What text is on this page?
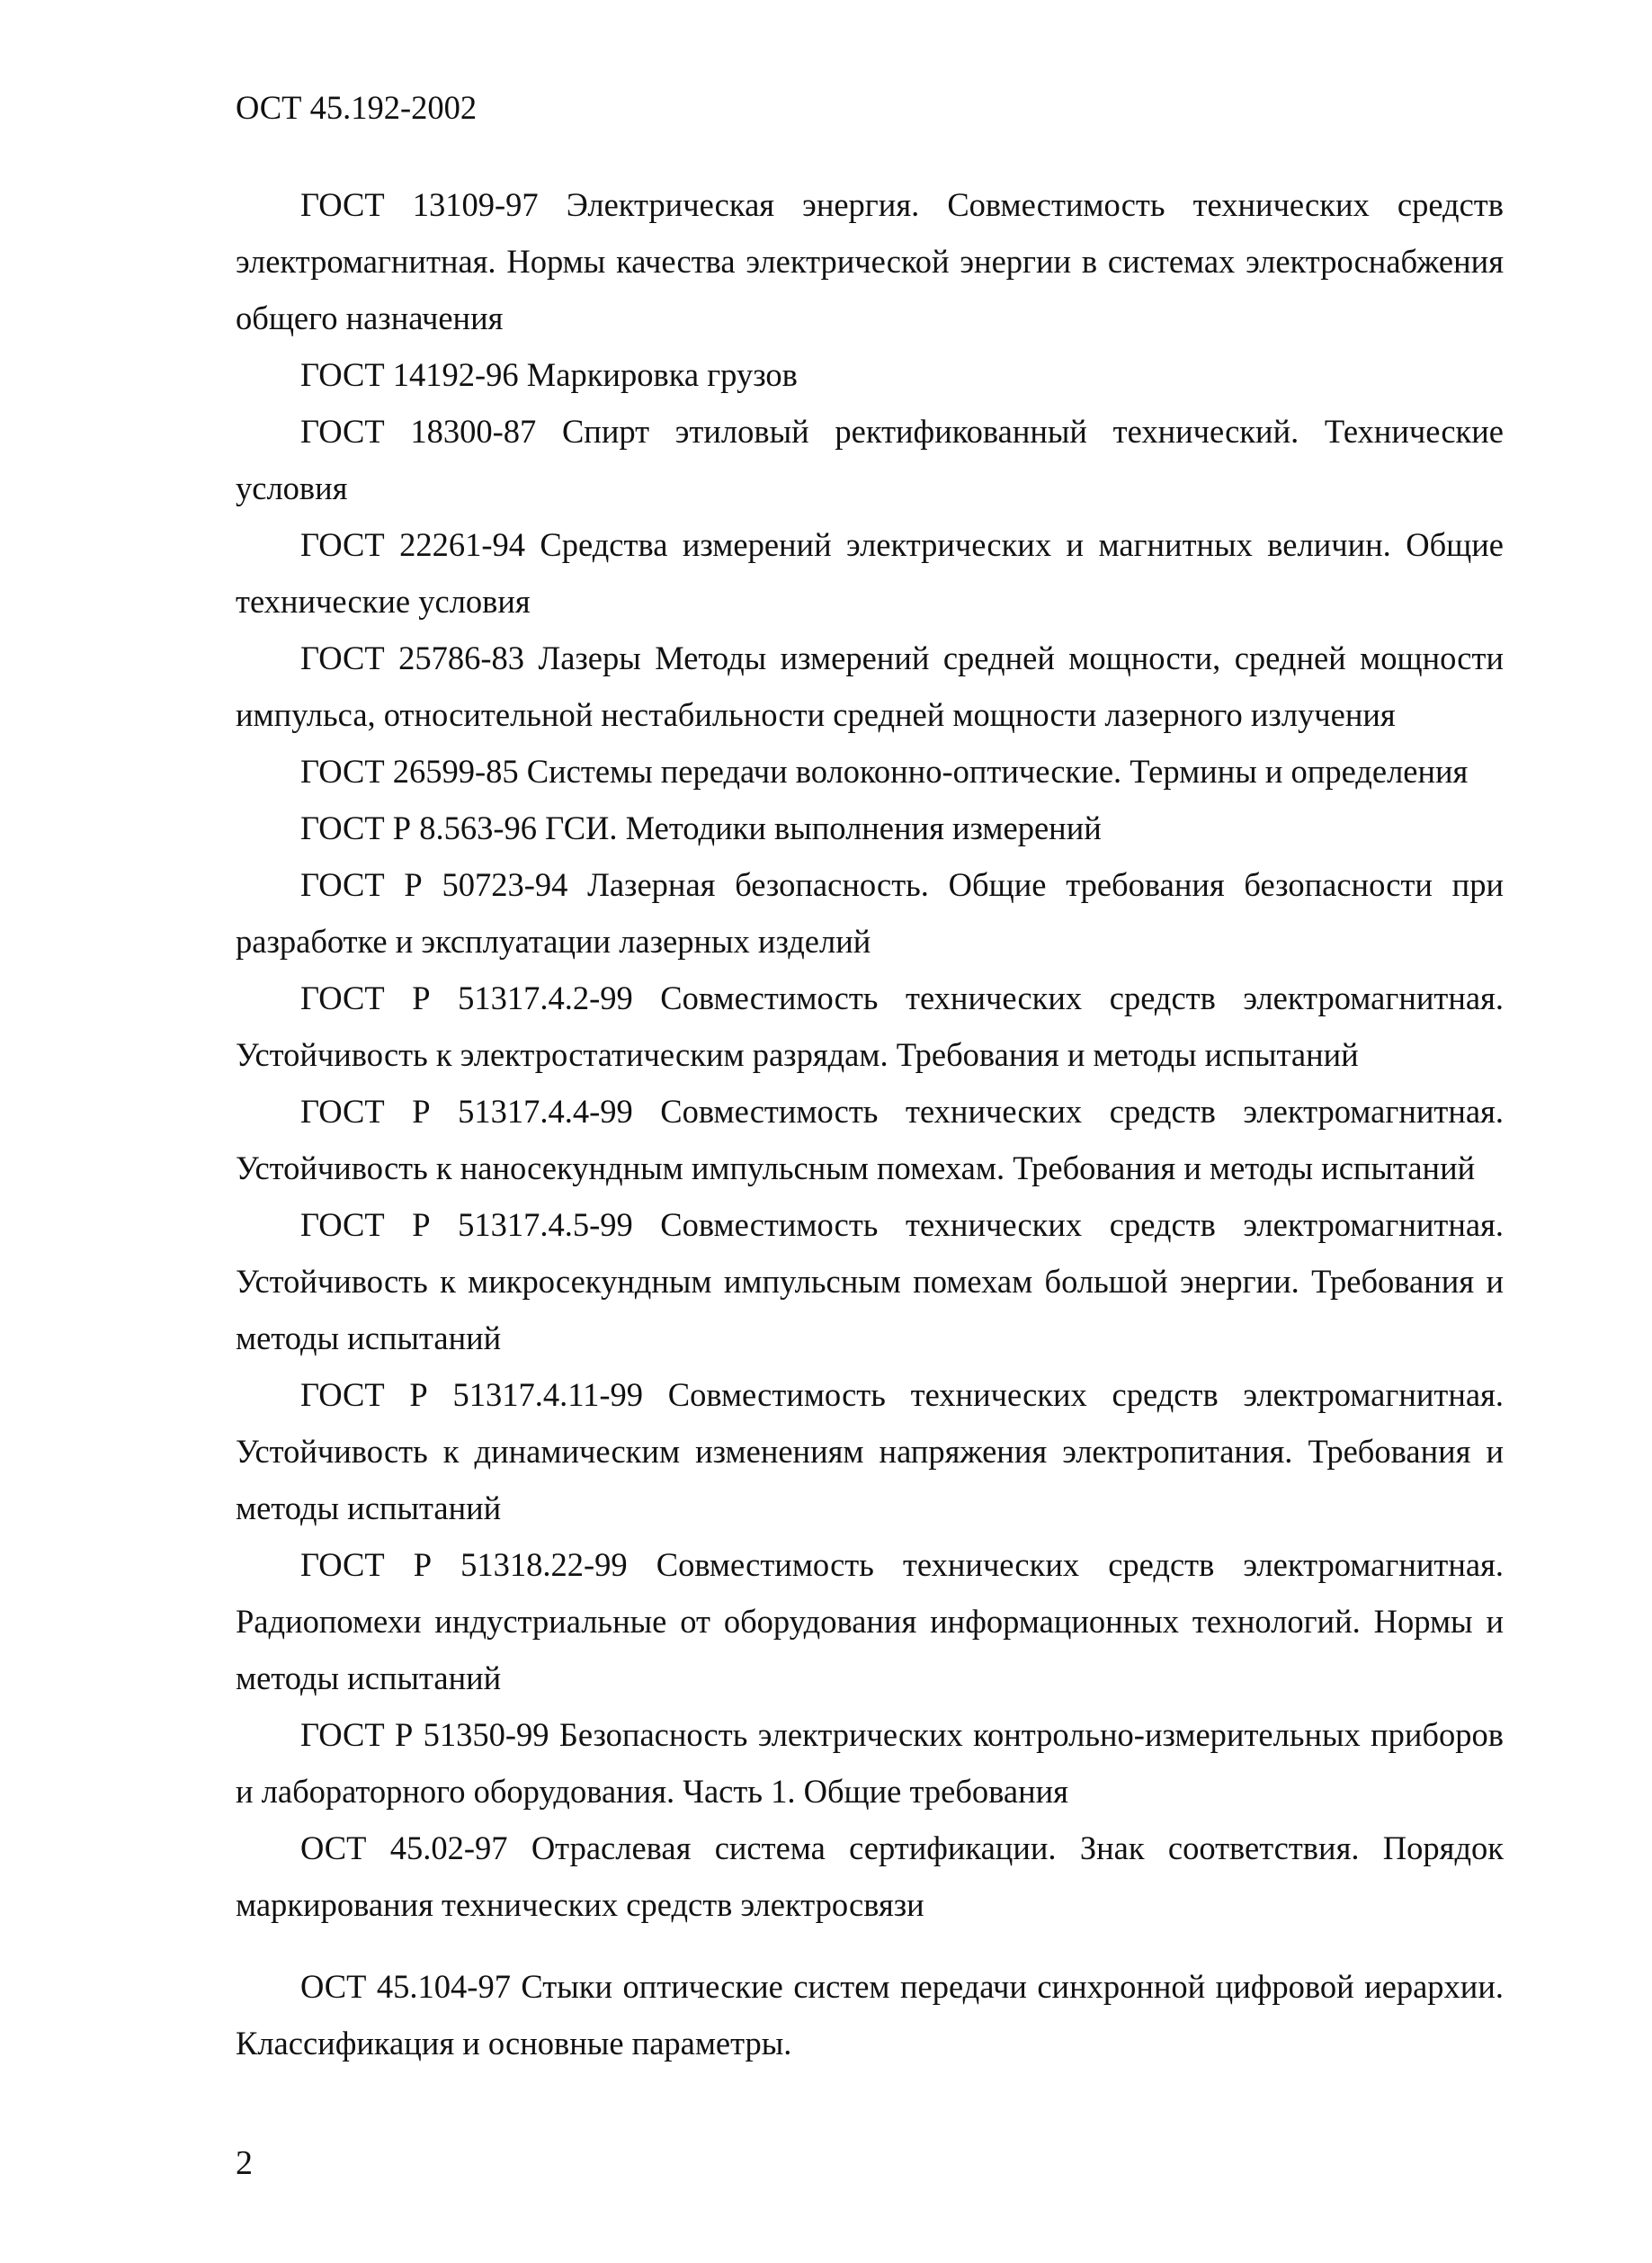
ОСТ 45.192-2002

ГОСТ 13109-97 Электрическая энергия. Совместимость технических средств электромагнитная. Нормы качества электрической энергии в системах электроснабжения общего назначения

ГОСТ 14192-96 Маркировка грузов

ГОСТ 18300-87 Спирт этиловый ректификованный технический. Технические условия

ГОСТ 22261-94 Средства измерений электрических и магнитных величин. Общие технические условия

ГОСТ 25786-83 Лазеры Методы измерений средней мощности, средней мощности импульса, относительной нестабильности средней мощности лазерного излучения

ГОСТ 26599-85 Системы передачи волоконно-оптические. Термины и определения

ГОСТ Р 8.563-96 ГСИ. Методики выполнения измерений

ГОСТ Р 50723-94 Лазерная безопасность. Общие требования безопасности при разработке и эксплуатации лазерных изделий

ГОСТ Р 51317.4.2-99 Совместимость технических средств электромагнитная. Устойчивость к электростатическим разрядам. Требования и методы испытаний

ГОСТ Р 51317.4.4-99 Совместимость технических средств электромагнитная. Устойчивость к наносекундным импульсным помехам. Требования и методы испытаний

ГОСТ Р 51317.4.5-99 Совместимость технических средств электромагнитная. Устойчивость к микросекундным импульсным помехам большой энергии. Требования и методы испытаний

ГОСТ Р 51317.4.11-99 Совместимость технических средств электромагнитная. Устойчивость к динамическим изменениям напряжения электропитания. Требования и методы испытаний

ГОСТ Р 51318.22-99 Совместимость технических средств электромагнитная. Радиопомехи индустриальные от оборудования информационных технологий. Нормы и методы испытаний

ГОСТ Р 51350-99 Безопасность электрических контрольно-измерительных приборов и лабораторного оборудования. Часть 1. Общие требования

ОСТ 45.02-97 Отраслевая система сертификации. Знак соответствия. Порядок маркирования технических средств электросвязи

ОСТ 45.104-97 Стыки оптические систем передачи синхронной цифровой иерархии. Классификация и основные параметры.

2
